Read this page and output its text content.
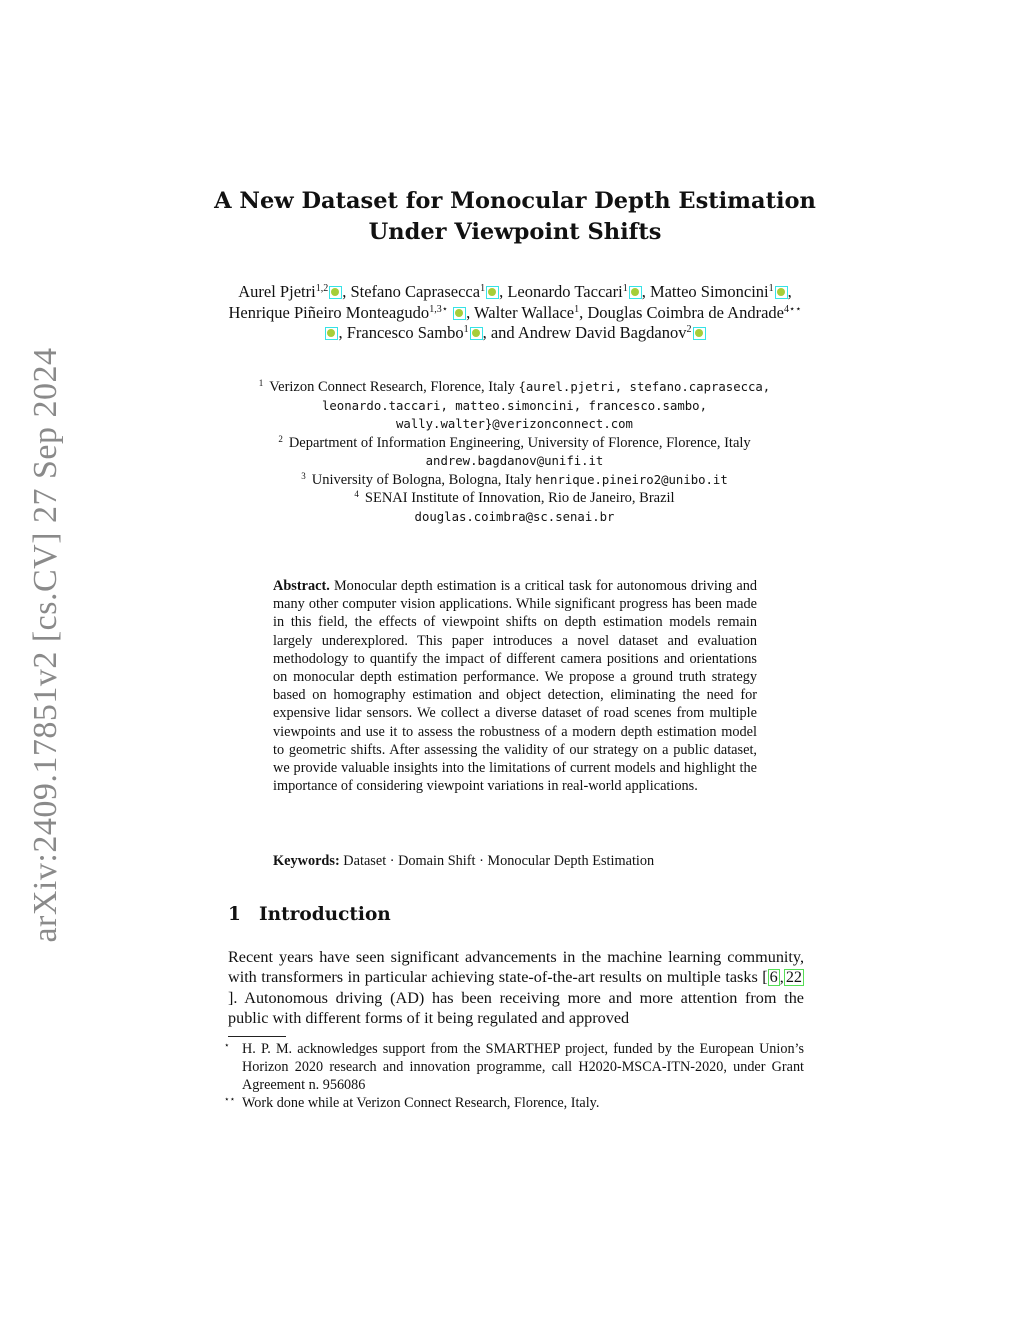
arXiv:2409.17851v2 [cs.CV] 27 Sep 2024
A New Dataset for Monocular Depth Estimation
Under Viewpoint Shifts
Aurel Pjetri$^{1,2}$ , Stefano Caprasecca$^1$ , Leonardo Taccari$^1$ , Matteo Simoncini$^1$ , Henrique Piñeiro Monteagudo$^{1,3⋆}$ , Walter Wallace$^1$, Douglas Coimbra de Andrade$^{4⋆⋆}$, Francesco Sambo$^1$ , and Andrew David Bagdanov$^2$
$^1$ Verizon Connect Research, Florence, Italy {aurel.pjetri, stefano.caprasecca,
leonardo.taccari, matteo.simoncini, francesco.sambo,
wally.walter}@verizonconnect.com
$^2$ Department of Information Engineering, University of Florence, Florence, Italy
andrew.bagdanov@unifi.it
$^3$ University of Bologna, Bologna, Italy henrique.pineiro2@unibo.it
$^4$ SENAI Institute of Innovation, Rio de Janeiro, Brazil
douglas.coimbra@sc.senai.br
Abstract. Monocular depth estimation is a critical task for autonomous driving and many other computer vision applications. While significant progress has been made in this field, the effects of viewpoint shifts on depth estimation models remain largely underexplored. This paper introduces a novel dataset and evaluation methodology to quantify the impact of different camera positions and orientations on monocular depth estimation performance. We propose a ground truth strategy based on homography estimation and object detection, eliminating the need for expensive lidar sensors. We collect a diverse dataset of road scenes from multiple viewpoints and use it to assess the robustness of a modern depth estimation model to geometric shifts. After assessing the validity of our strategy on a public dataset, we provide valuable insights into the limitations of current models and highlight the importance of considering viewpoint variations in real-world applications.
Keywords: Dataset · Domain Shift · Monocular Depth Estimation
1 Introduction
Recent years have seen significant advancements in the machine learning community, with transformers in particular achieving state-of-the-art results on multiple tasks [ 6 , 22]. Autonomous driving (AD) has been receiving more and more attention from the public with different forms of it being regulated and approved
⋆ H. P. M. acknowledges support from the SMARTHEP project, funded by the European Union’s Horizon 2020 research and innovation programme, call H2020-MSCA-ITN-2020, under Grant Agreement n. 956086
⋆⋆ Work done while at Verizon Connect Research, Florence, Italy.
